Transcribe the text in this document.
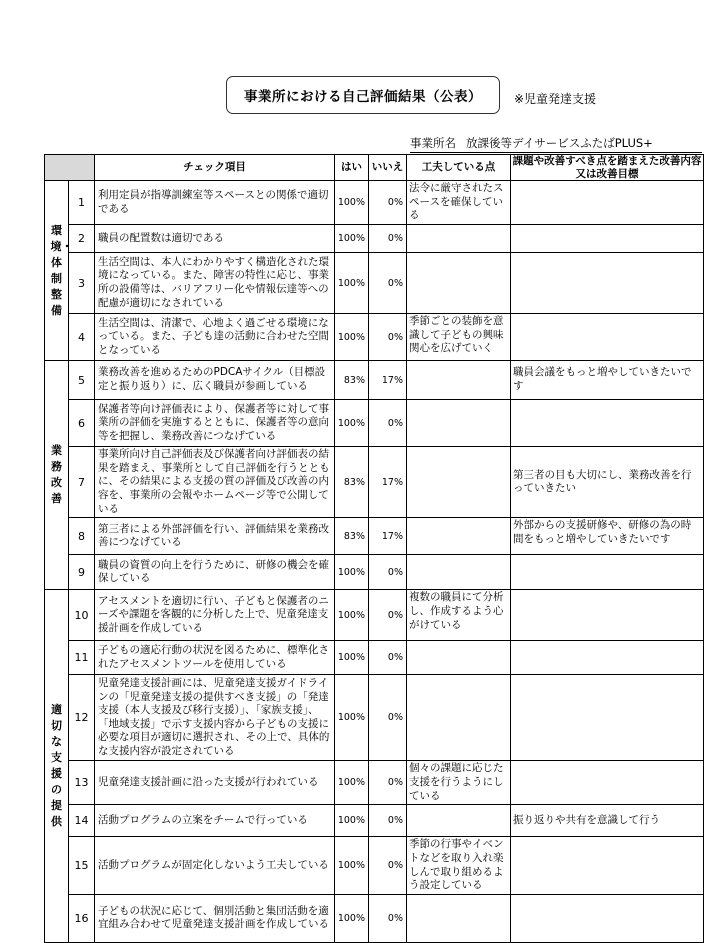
事業所における自己評価結果（公表）	※児童発達支援
事業所名 放課後等デイサービスふたばPLUS+
		チェック項目	はい	いいえ	工夫している点	課題や改善すべき点を踏まえた改善内容又は改善目標
環境・体制整備	1	利用定員が指導訓練室等スペースとの関係で適切である	100%	0%	法令に厳守されたスペースを確保している	
	2	職員の配置数は適切である	100%	0%		
	3	生活空間は、本人にわかりやすく構造化された環境になっている。また、障害の特性に応じ、事業所の設備等は、バリアフリー化や情報伝達等への配慮が適切になされている	100%	0%		
	4	生活空間は、清潔で、心地よく過ごせる環境になっている。また、子ども達の活動に合わせた空間となっている	100%	0%	季節ごとの装飾を意識して子どもの興味関心を広げていく	
業務改善	5	業務改善を進めるためのPDCAサイクル（目標設定と振り返り）に、広く職員が参画している	83%	17%		職員会議をもっと増やしていきたいです
	6	保護者等向け評価表により、保護者等に対して事業所の評価を実施するとともに、保護者等の意向等を把握し、業務改善につなげている	100%	0%		
	7	事業所向け自己評価表及び保護者向け評価表の結果を踏まえ、事業所として自己評価を行うとともに、その結果による支援の質の評価及び改善の内容を、事業所の会報やホームページ等で公開している	83%	17%		第三者の目も大切にし、業務改善を行っていきたい
	8	第三者による外部評価を行い、評価結果を業務改善につなげている	83%	17%		外部からの支援研修や、研修の為の時間をもっと増やしていきたいです
	9	職員の資質の向上を行うために、研修の機会を確保している	100%	0%		
適切な支援の提供	10	アセスメントを適切に行い、子どもと保護者のニーズや課題を客観的に分析した上で、児童発達支援計画を作成している	100%	0%	複数の職員にて分析し、作成するよう心がけている	
	11	子どもの適応行動の状況を図るために、標準化されたアセスメントツールを使用している	100%	0%		
	12	児童発達支援計画には、児童発達支援ガイドラインの「児童発達支援の提供すべき支援」の「発達支援（本人支援及び移行支援）」、「家族支援」、「地域支援」で示す支援内容から子どもの支援に必要な項目が適切に選択され、その上で、具体的な支援内容が設定されている	100%	0%		
	13	児童発達支援計画に沿った支援が行われている	100%	0%	個々の課題に応じた支援を行うようにしている	
	14	活動プログラムの立案をチームで行っている	100%	0%		振り返りや共有を意識して行う
	15	活動プログラムが固定化しないよう工夫している	100%	0%	季節の行事やイベントなどを取り入れ楽しんで取り組めるよう設定している	
	16	子どもの状況に応じて、個別活動と集団活動を適宜組み合わせて児童発達支援計画を作成している	100%	0%		
